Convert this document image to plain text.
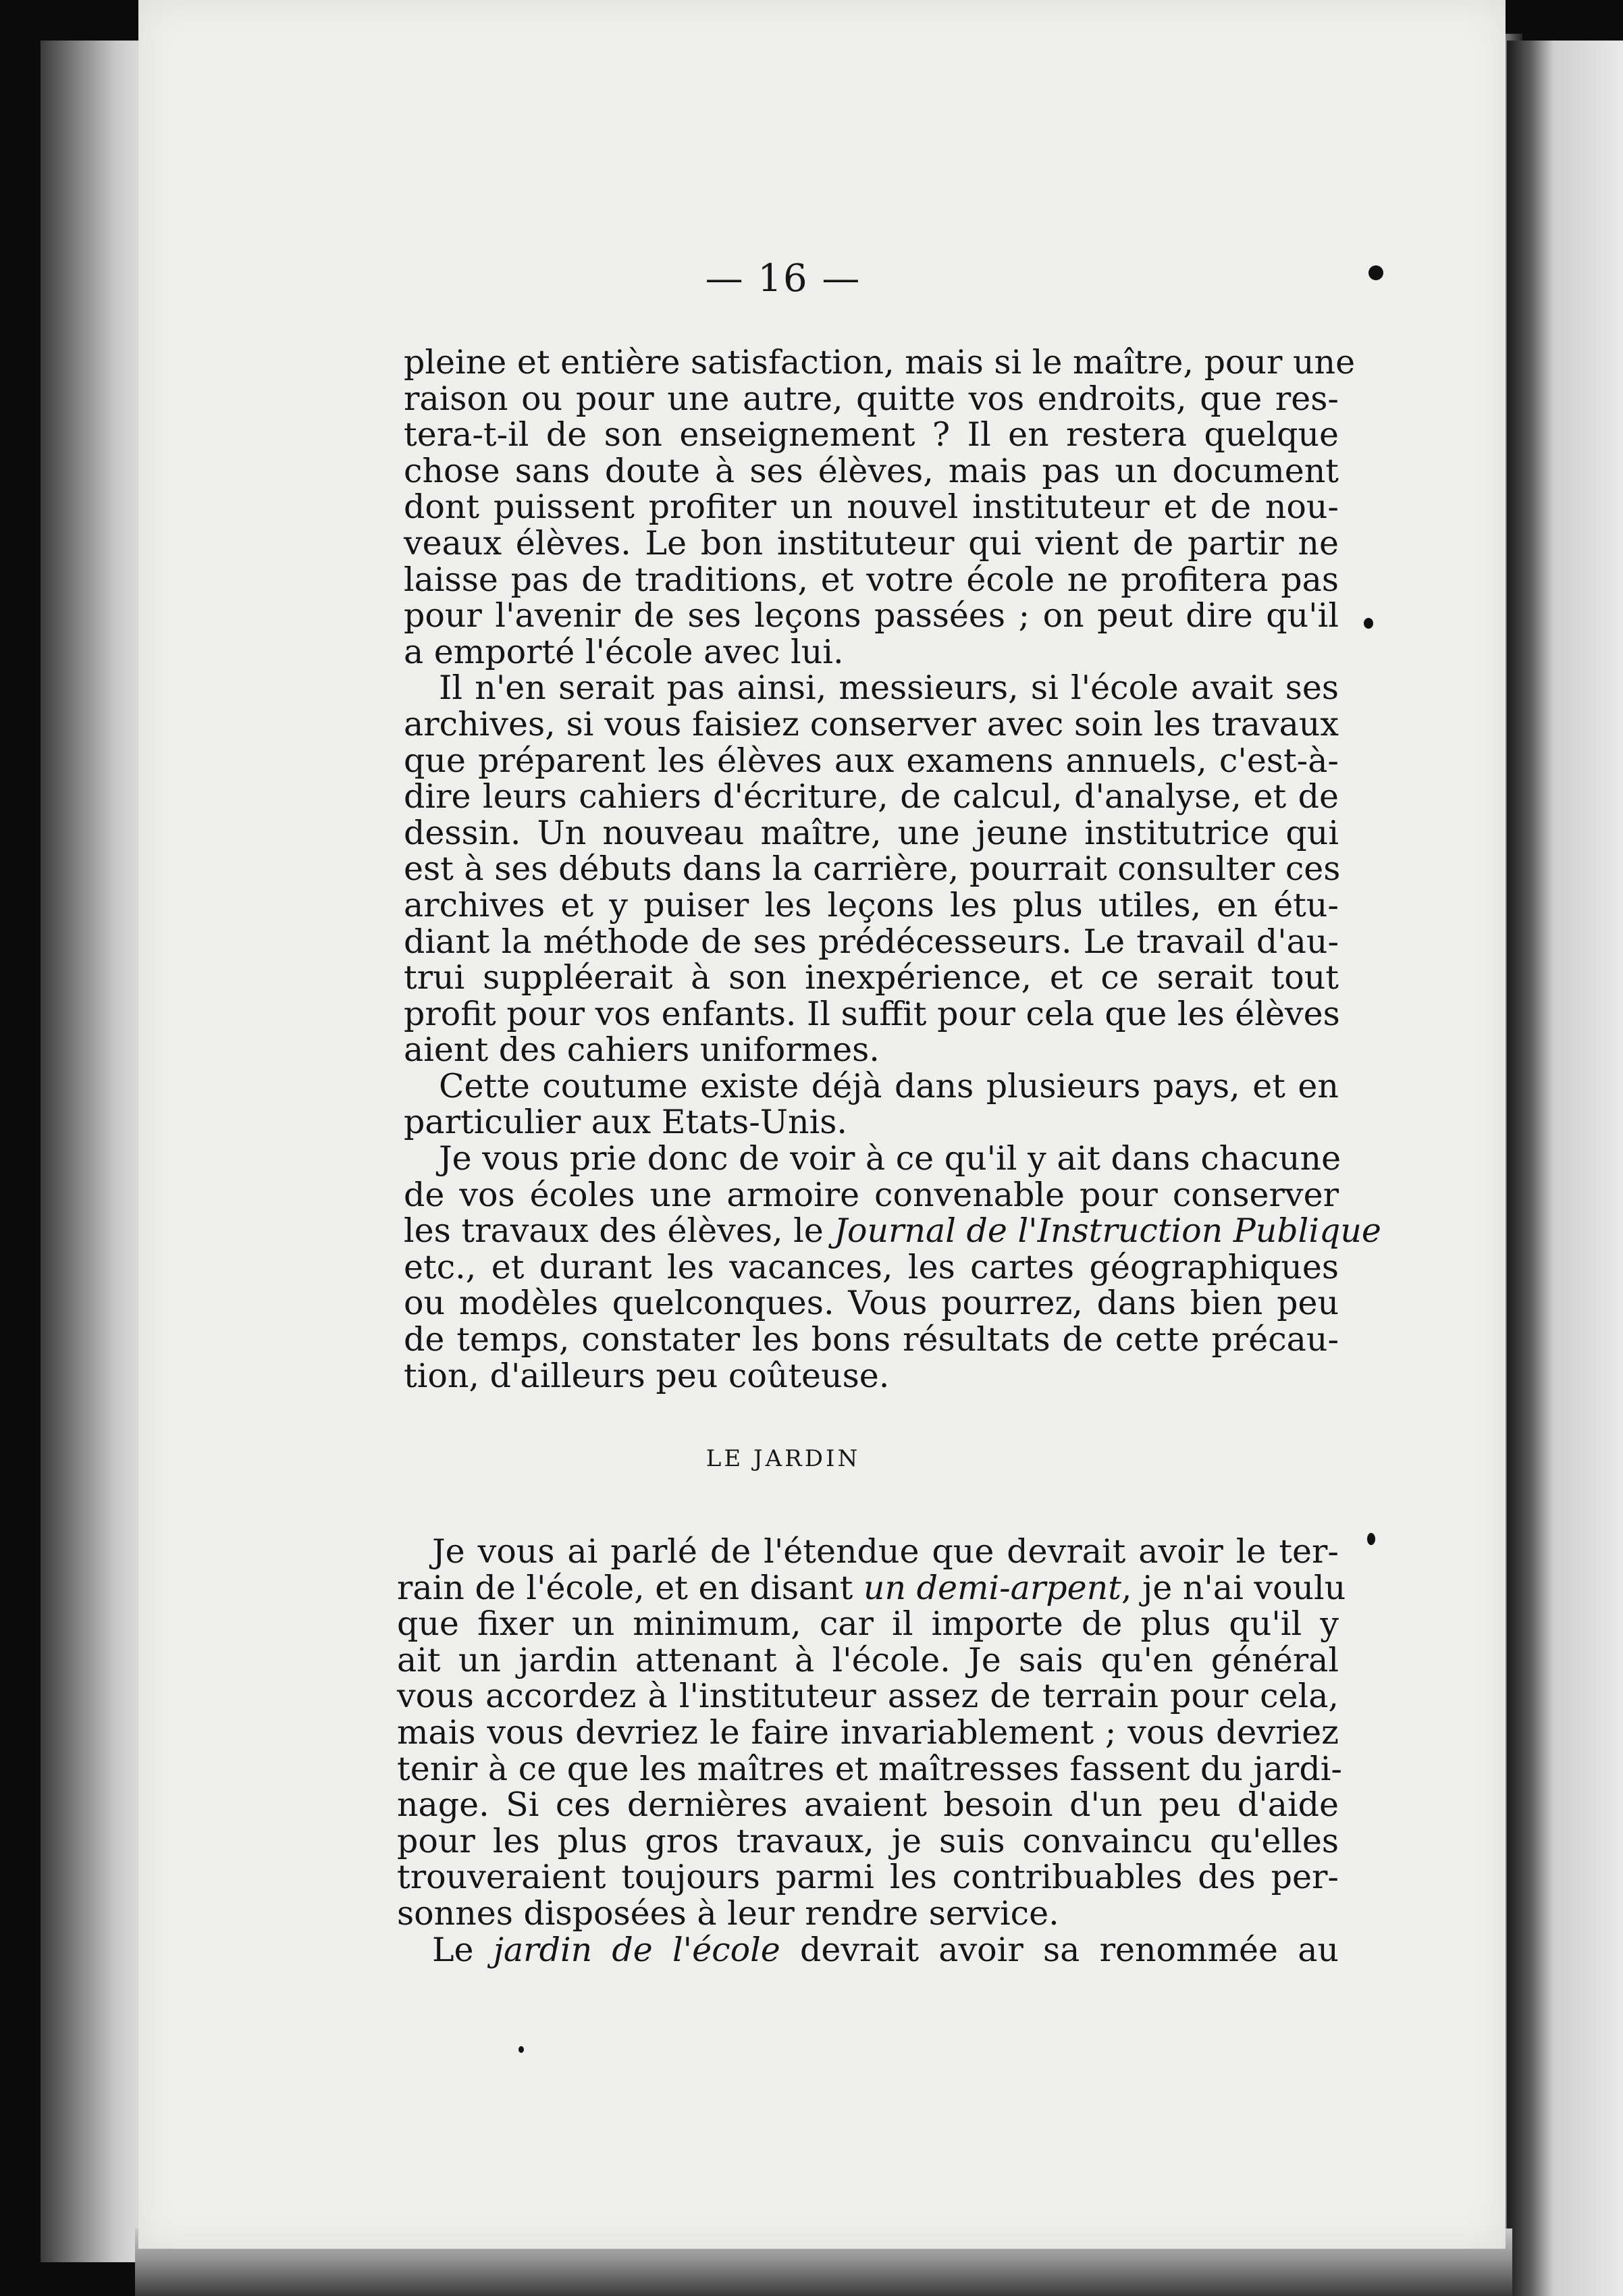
— 16 —
pleine et entière satisfaction, mais si le maître, pour une
raison ou pour une autre, quitte vos endroits, que res-
tera-t-il de son enseignement ? Il en restera quelque
chose sans doute à ses élèves, mais pas un document
dont puissent profiter un nouvel instituteur et de nou-
veaux élèves. Le bon instituteur qui vient de partir ne
laisse pas de traditions, et votre école ne profitera pas
pour l'avenir de ses leçons passées ; on peut dire qu'il
a emporté l'école avec lui.
Il n'en serait pas ainsi, messieurs, si l'école avait ses
archives, si vous faisiez conserver avec soin les travaux
que préparent les élèves aux examens annuels, c'est-à-
dire leurs cahiers d'écriture, de calcul, d'analyse, et de
dessin. Un nouveau maître, une jeune institutrice qui
est à ses débuts dans la carrière, pourrait consulter ces
archives et y puiser les leçons les plus utiles, en étu-
diant la méthode de ses prédécesseurs. Le travail d'au-
trui suppléerait à son inexpérience, et ce serait tout
profit pour vos enfants. Il suffit pour cela que les élèves
aient des cahiers uniformes.
Cette coutume existe déjà dans plusieurs pays, et en
particulier aux Etats-Unis.
Je vous prie donc de voir à ce qu'il y ait dans chacune
de vos écoles une armoire convenable pour conserver
les travaux des élèves, le Journal de l'Instruction Publique
etc., et durant les vacances, les cartes géographiques
ou modèles quelconques. Vous pourrez, dans bien peu
de temps, constater les bons résultats de cette précau-
tion, d'ailleurs peu coûteuse.
LE JARDIN
Je vous ai parlé de l'étendue que devrait avoir le ter-
rain de l'école, et en disant un demi-arpent, je n'ai voulu
que fixer un minimum, car il importe de plus qu'il y
ait un jardin attenant à l'école. Je sais qu'en général
vous accordez à l'instituteur assez de terrain pour cela,
mais vous devriez le faire invariablement ; vous devriez
tenir à ce que les maîtres et maîtresses fassent du jardi-
nage. Si ces dernières avaient besoin d'un peu d'aide
pour les plus gros travaux, je suis convaincu qu'elles
trouveraient toujours parmi les contribuables des per-
sonnes disposées à leur rendre service.
Le jardin de l'école devrait avoir sa renommée au
